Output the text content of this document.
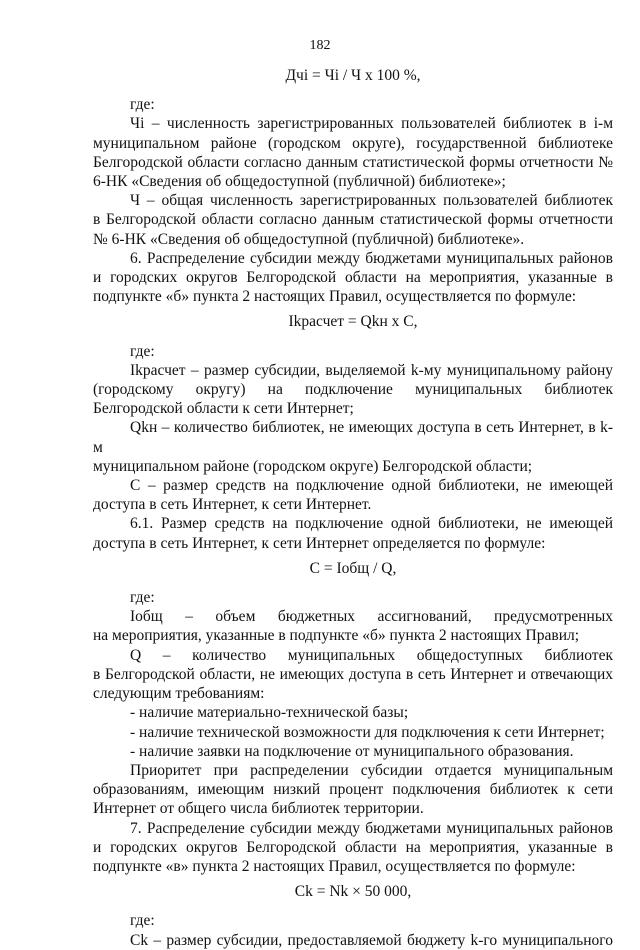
182
Дчi = Чi / Ч х 100 %,
где:

Чi – численность зарегистрированных пользователей библиотек в i-м

муниципальном районе (городском округе), государственной библиотеке Белгородской области согласно данным статистической формы отчетности № 6-НК «Сведения об общедоступной (публичной) библиотеке»;

Ч – общая численность зарегистрированных пользователей библиотек

в Белгородской области согласно данным статистической формы отчетности № 6-НК «Сведения об общедоступной (публичной) библиотеке».

6. Распределение субсидии между бюджетами муниципальных районов и городских округов Белгородской области на мероприятия, указанные в подпункте «б» пункта 2 настоящих Правил, осуществляется по формуле:

Ikрасчет = Qkн х С,
где:

Ikрасчет – размер субсидии, выделяемой k-му муниципальному району

(городскому округу) на подключение муниципальных библиотек Белгородской области к сети Интернет;

Qkн – количество библиотек, не имеющих доступа в сеть Интернет, в k-м

муниципальном районе (городском округе) Белгородской области;

С – размер средств на подключение одной библиотеки, не имеющей доступа в сеть Интернет, к сети Интернет.

6.1. Размер средств на подключение одной библиотеки, не имеющей доступа в сеть Интернет, к сети Интернет определяется по формуле:

С = Iобщ / Q,
где:

Iобщ – объем бюджетных ассигнований, предусмотренных

на мероприятия, указанные в подпункте «б» пункта 2 настоящих Правил;

Q – количество муниципальных общедоступных библиотек

в Белгородской области, не имеющих доступа в сеть Интернет и отвечающих следующим требованиям:

- наличие материально-технической базы;
- наличие технической возможности для подключения к сети Интернет;
- наличие заявки на подключение от муниципального образования.

Приоритет при распределении субсидии отдается муниципальным образованиям, имеющим низкий процент подключения библиотек к сети Интернет от общего числа библиотек территории.

7. Распределение субсидии между бюджетами муниципальных районов и городских округов Белгородской области на мероприятия, указанные в подпункте «в» пункта 2 настоящих Правил, осуществляется по формуле:

Ck = Nk × 50 000,
где:

Ck – размер субсидии, предоставляемой бюджету k-го муниципального
